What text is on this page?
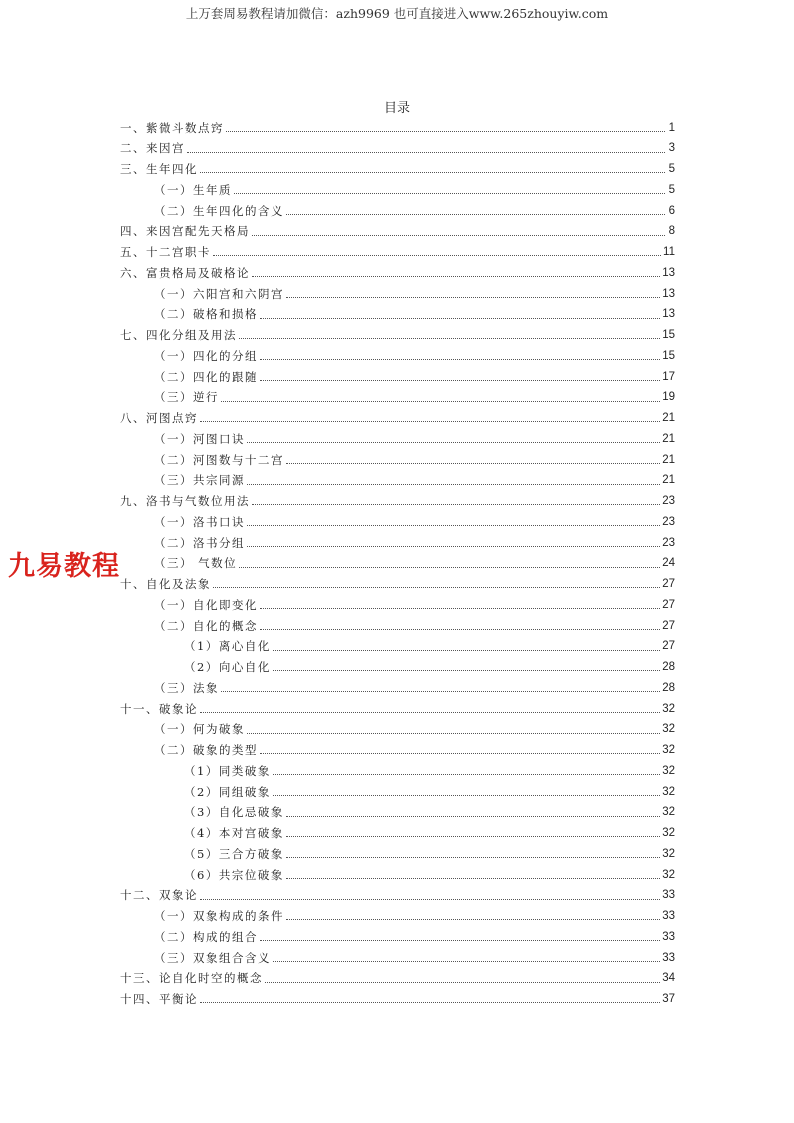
上万套周易教程请加微信：azh9969 也可直接进入www.265zhouyiw.com
九易教程
目录
一、紫微斗数点窍	1
二、来因宫	3
三、生年四化	5
（一）生年质	5
（二）生年四化的含义	6
四、来因宫配先天格局	8
五、十二宫职卡	11
六、富贵格局及破格论	13
（一）六阳宫和六阴宫	13
（二）破格和损格	13
七、四化分组及用法	15
（一）四化的分组	15
（二）四化的跟随	17
（三）逆行	19
八、河图点窍	21
（一）河图口诀	21
（二）河图数与十二宫	21
（三）共宗同源	21
九、洛书与气数位用法	23
（一）洛书口诀	23
（二）洛书分组	23
（三） 气数位	24
十、自化及法象	27
（一）自化即变化	27
（二）自化的概念	27
（1）离心自化	27
（2）向心自化	28
（三）法象	28
十一、破象论	32
（一）何为破象	32
（二）破象的类型	32
（1）同类破象	32
（2）同组破象	32
（3）自化忌破象	32
（4）本对宫破象	32
（5）三合方破象	32
（6）共宗位破象	32
十二、双象论	33
（一）双象构成的条件	33
（二）构成的组合	33
（三）双象组合含义	33
十三、论自化时空的概念	34
十四、平衡论	37
